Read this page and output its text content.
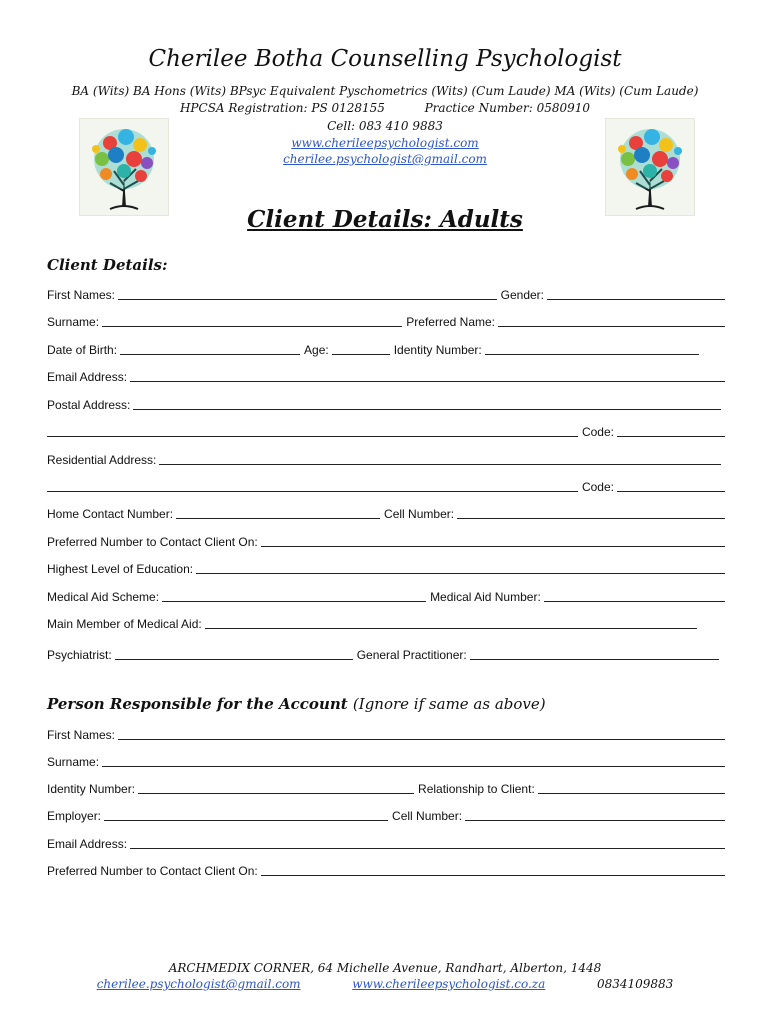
Cherilee Botha Counselling Psychologist
BA (Wits) BA Hons (Wits) BPsyc Equivalent Pyschometrics (Wits) (Cum Laude) MA (Wits) (Cum Laude)
HPCSA Registration: PS 0128155	Practice Number: 0580910
Cell: 083 410 9883
www.cherileepsychologist.com
cherilee.psychologist@gmail.com
Client Details: Adults
Client Details:
First Names:	Gender:
Surname:	Preferred Name:
Date of Birth:	Age:	Identity Number:
Email Address:
Postal Address:
Code:
Residential Address:
Code:
Home Contact Number:	Cell Number:
Preferred Number to Contact Client On:
Highest Level of Education:
Medical Aid Scheme:	Medical Aid Number:
Main Member of Medical Aid:
Psychiatrist:	General Practitioner:
Person Responsible for the Account (Ignore if same as above)
First Names:
Surname:
Identity Number:	Relationship to Client:
Employer:	Cell Number:
Email Address:
Preferred Number to Contact Client On:
ARCHMEDIX CORNER, 64 Michelle Avenue, Randhart, Alberton, 1448
cherilee.psychologist@gmail.com	www.cherileepsychologist.co.za	0834109883
